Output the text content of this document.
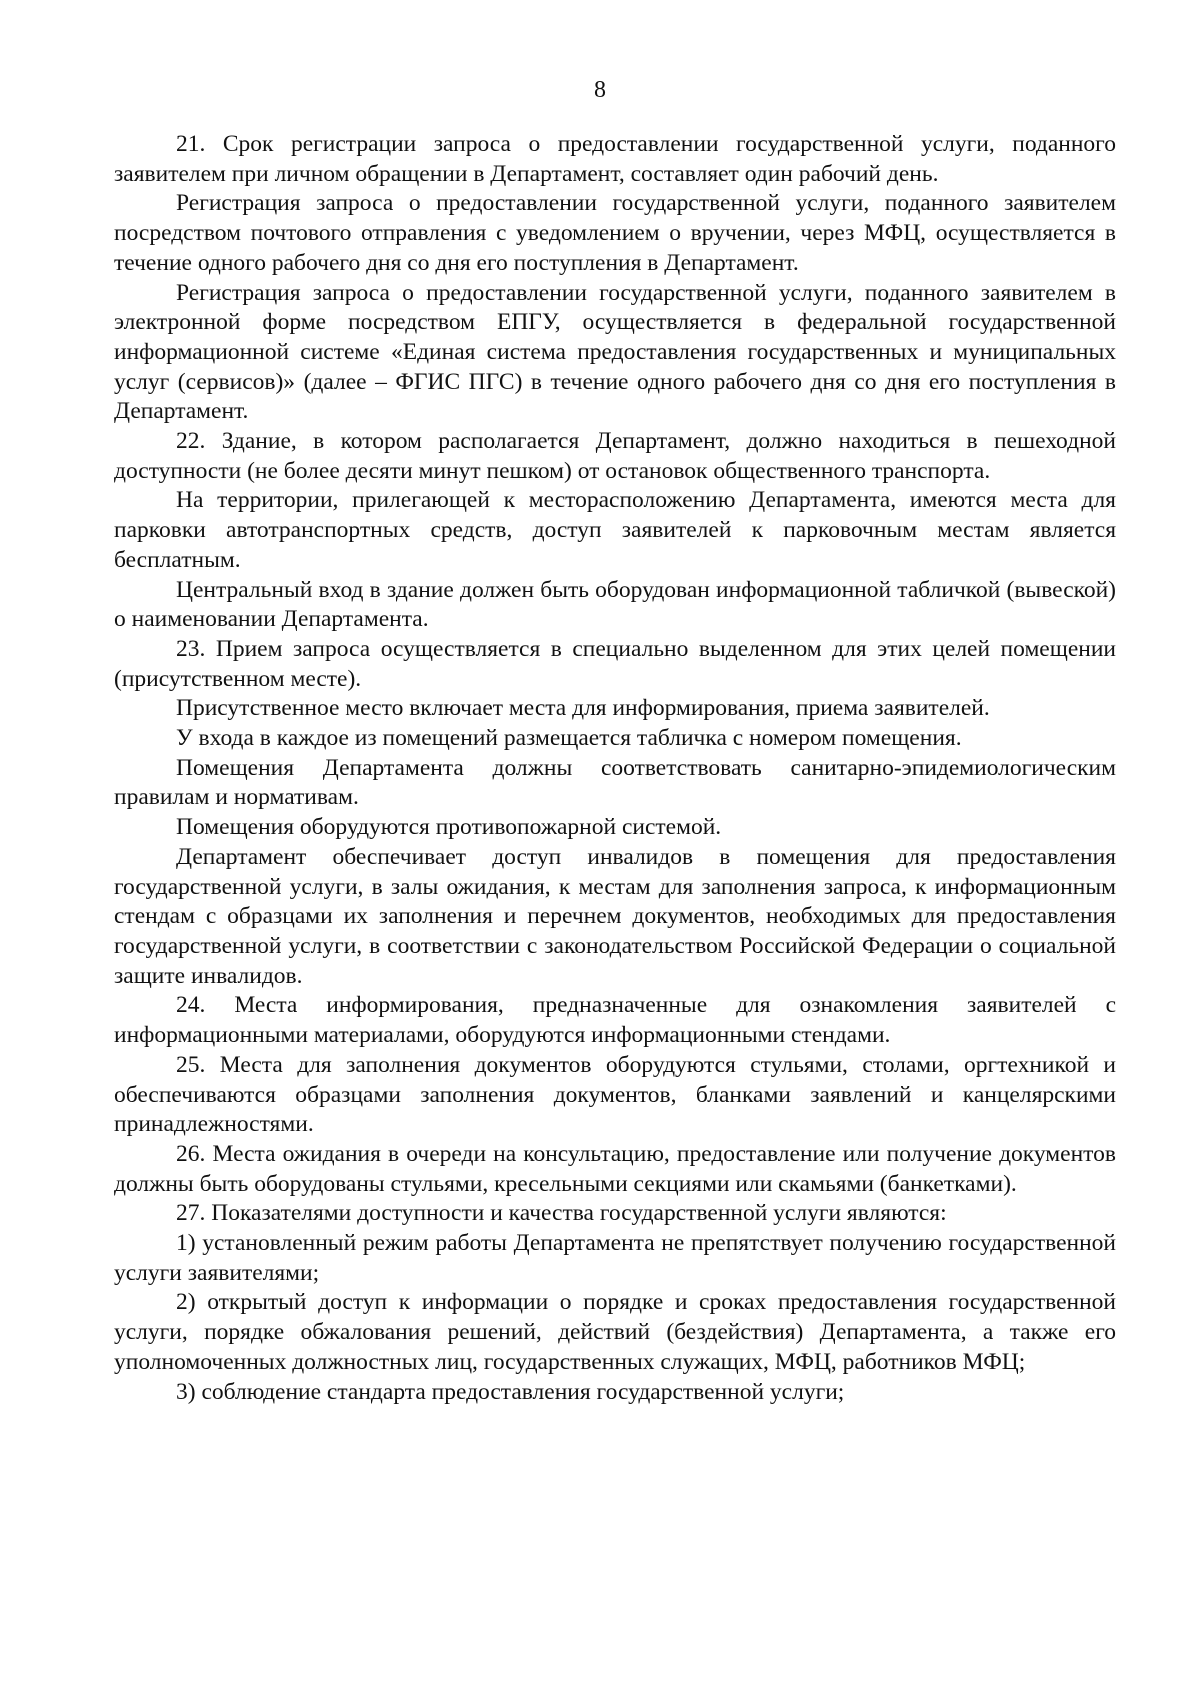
8

21. Срок регистрации запроса о предоставлении государственной услуги, поданного заявителем при личном обращении в Департамент, составляет один рабочий день.

Регистрация запроса о предоставлении государственной услуги, поданного заявителем посредством почтового отправления с уведомлением о вручении, через МФЦ, осуществляется в течение одного рабочего дня со дня его поступления в Департамент.

Регистрация запроса о предоставлении государственной услуги, поданного заявителем в электронной форме посредством ЕПГУ, осуществляется в федеральной государственной информационной системе «Единая система предоставления государственных и муниципальных услуг (сервисов)» (далее – ФГИС ПГС) в течение одного рабочего дня со дня его поступления в Департамент.

22. Здание, в котором располагается Департамент, должно находиться в пешеходной доступности (не более десяти минут пешком) от остановок общественного транспорта.

На территории, прилегающей к месторасположению Департамента, имеются места для парковки автотранспортных средств, доступ заявителей к парковочным местам является бесплатным.

Центральный вход в здание должен быть оборудован информационной табличкой (вывеской) о наименовании Департамента.

23. Прием запроса осуществляется в специально выделенном для этих целей помещении (присутственном месте).

Присутственное место включает места для информирования, приема заявителей.

У входа в каждое из помещений размещается табличка с номером помещения.

Помещения Департамента должны соответствовать санитарно-эпидемиологическим правилам и нормативам.

Помещения оборудуются противопожарной системой.

Департамент обеспечивает доступ инвалидов в помещения для предоставления государственной услуги, в залы ожидания, к местам для заполнения запроса, к информационным стендам с образцами их заполнения и перечнем документов, необходимых для предоставления государственной услуги, в соответствии с законодательством Российской Федерации о социальной защите инвалидов.

24. Места информирования, предназначенные для ознакомления заявителей с информационными материалами, оборудуются информационными стендами.

25. Места для заполнения документов оборудуются стульями, столами, оргтехникой и обеспечиваются образцами заполнения документов, бланками заявлений и канцелярскими принадлежностями.

26. Места ожидания в очереди на консультацию, предоставление или получение документов должны быть оборудованы стульями, кресельными секциями или скамьями (банкетками).

27. Показателями доступности и качества государственной услуги являются:

1) установленный режим работы Департамента не препятствует получению государственной услуги заявителями;

2) открытый доступ к информации о порядке и сроках предоставления государственной услуги, порядке обжалования решений, действий (бездействия) Департамента, а также его уполномоченных должностных лиц, государственных служащих, МФЦ, работников МФЦ;

3) соблюдение стандарта предоставления государственной услуги;
